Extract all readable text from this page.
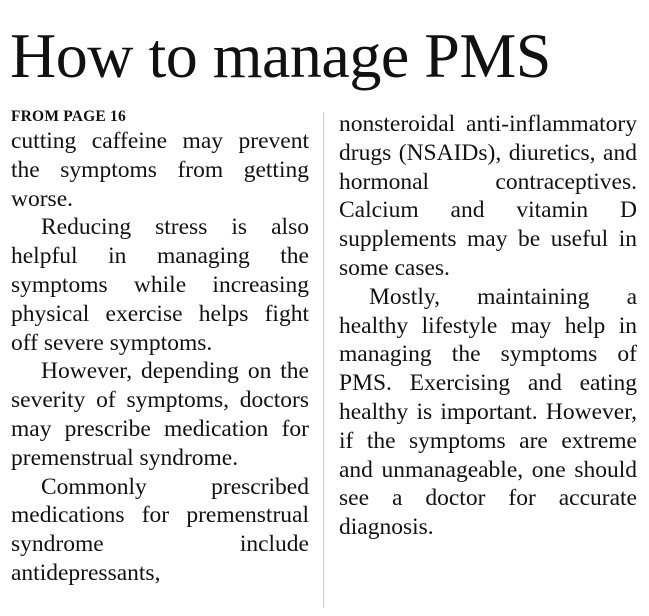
How to manage PMS
FROM PAGE 16

cutting caffeine may prevent the symptoms from getting worse.

Reducing stress is also helpful in managing the symptoms while increasing physical exercise helps fight off severe symptoms.

However, depending on the severity of symptoms, doctors may prescribe medication for premenstrual syndrome.

Commonly prescribed medications for premenstrual syndrome include antidepressants,

nonsteroidal anti-inflammatory drugs (NSAIDs), diuretics, and hormonal contraceptives. Calcium and vitamin D supplements may be useful in some cases.

Mostly, maintaining a healthy lifestyle may help in managing the symptoms of PMS. Exercising and eating healthy is important. However, if the symptoms are extreme and unmanageable, one should see a doctor for accurate diagnosis.
